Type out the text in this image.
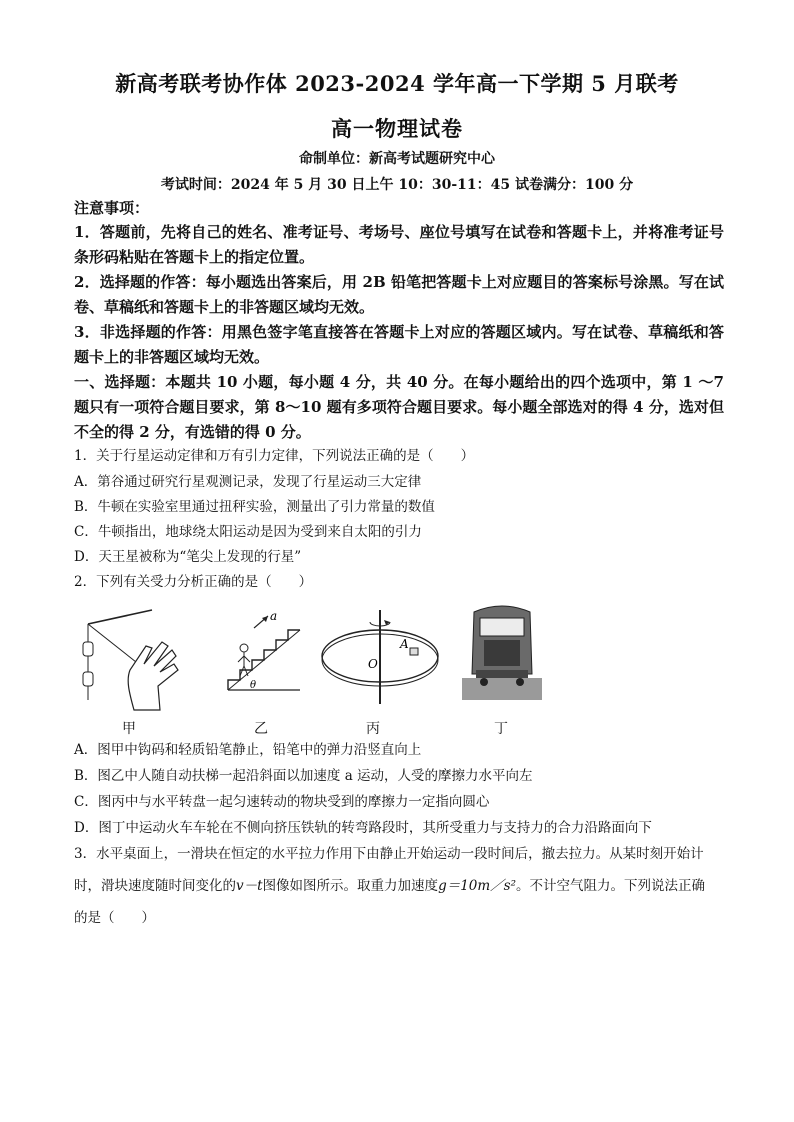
新高考联考协作体 2023-2024 学年高一下学期 5 月联考
高一物理试卷
命制单位：新高考试题研究中心
考试时间：2024 年 5 月 30 日上午 10：30-11：45 试卷满分：100 分
注意事项：
1．答题前，先将自己的姓名、准考证号、考场号、座位号填写在试卷和答题卡上，并将准考证号条形码粘贴在答题卡上的指定位置。
2．选择题的作答：每小题选出答案后，用 2B 铅笔把答题卡上对应题目的答案标号涂黑。写在试卷、草稿纸和答题卡上的非答题区域均无效。
3．非选择题的作答：用黑色签字笔直接答在答题卡上对应的答题区域内。写在试卷、草稿纸和答题卡上的非答题区域均无效。
一、选择题：本题共 10 小题，每小题 4 分，共 40 分。在每小题给出的四个选项中，第 1 ～7 题只有一项符合题目要求，第 8～10 题有多项符合题目要求。每小题全部选对的得 4 分，选对但不全的得 2 分，有选错的得 0 分。
1．关于行星运动定律和万有引力定律，下列说法正确的是（　　）
A．第谷通过研究行星观测记录，发现了行星运动三大定律
B．牛顿在实验室里通过扭秤实验，测量出了引力常量的数值
C．牛顿指出，地球绕太阳运动是因为受到来自太阳的引力
D．天王星被称为“笔尖上发现的行星”
2．下列有关受力分析正确的是（　　）
甲
a
θ
乙
O
A
丙	丁
A．图甲中钩码和轻质铅笔静止，铅笔中的弹力沿竖直向上
B．图乙中人随自动扶梯一起沿斜面以加速度 a 运动，人受的摩擦力水平向左
C．图丙中与水平转盘一起匀速转动的物块受到的摩擦力一定指向圆心
D．图丁中运动火车车轮在不侧向挤压铁轨的转弯路段时，其所受重力与支持力的合力沿路面向下
3．水平桌面上，一滑块在恒定的水平拉力作用下由静止开始运动一段时间后，撤去拉力。从某时刻开始计
时，滑块速度随时间变化的v－t图像如图所示。取重力加速度g＝10m／s²。不计空气阻力。下列说法正确
的是（　　）
